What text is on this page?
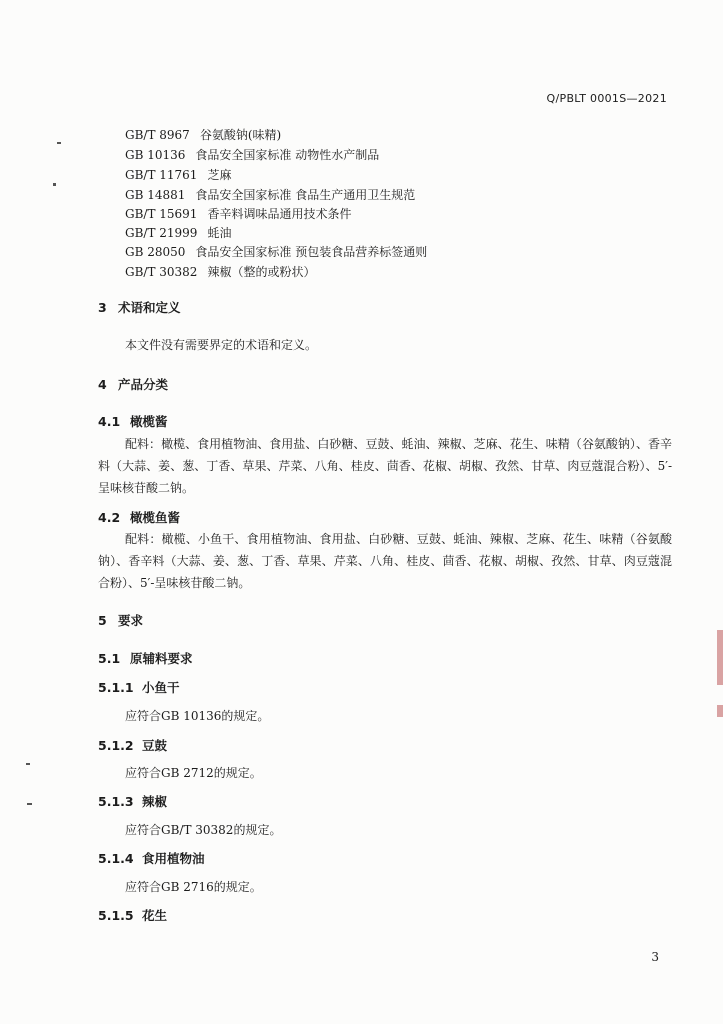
Q/PBLT 0001S—2021
GB/T 8967 谷氨酸钠(味精)
GB 10136 食品安全国家标准 动物性水产制品
GB/T 11761 芝麻
GB 14881 食品安全国家标准 食品生产通用卫生规范
GB/T 15691 香辛料调味品通用技术条件
GB/T 21999 蚝油
GB 28050 食品安全国家标准 预包装食品营养标签通则
GB/T 30382 辣椒（整的或粉状）
3 术语和定义
本文件没有需要界定的术语和定义。
4 产品分类
4.1 橄榄酱
配料：橄榄、食用植物油、食用盐、白砂糖、豆鼓、蚝油、辣椒、芝麻、花生、味精（谷氨酸钠）、香辛料（大蒜、姜、葱、丁香、草果、芹菜、八角、桂皮、茴香、花椒、胡椒、孜然、甘草、肉豆蔻混合粉）、5′-呈味核苷酸二钠。
4.2 橄榄鱼酱
配料：橄榄、小鱼干、食用植物油、食用盐、白砂糖、豆鼓、蚝油、辣椒、芝麻、花生、味精（谷氨酸钠）、香辛料（大蒜、姜、葱、丁香、草果、芹菜、八角、桂皮、茴香、花椒、胡椒、孜然、甘草、肉豆蔻混合粉）、5′-呈味核苷酸二钠。
5 要求
5.1 原辅料要求
5.1.1 小鱼干
应符合GB 10136的规定。
5.1.2 豆鼓
应符合GB 2712的规定。
5.1.3 辣椒
应符合GB/T 30382的规定。
5.1.4 食用植物油
应符合GB 2716的规定。
5.1.5 花生
3
